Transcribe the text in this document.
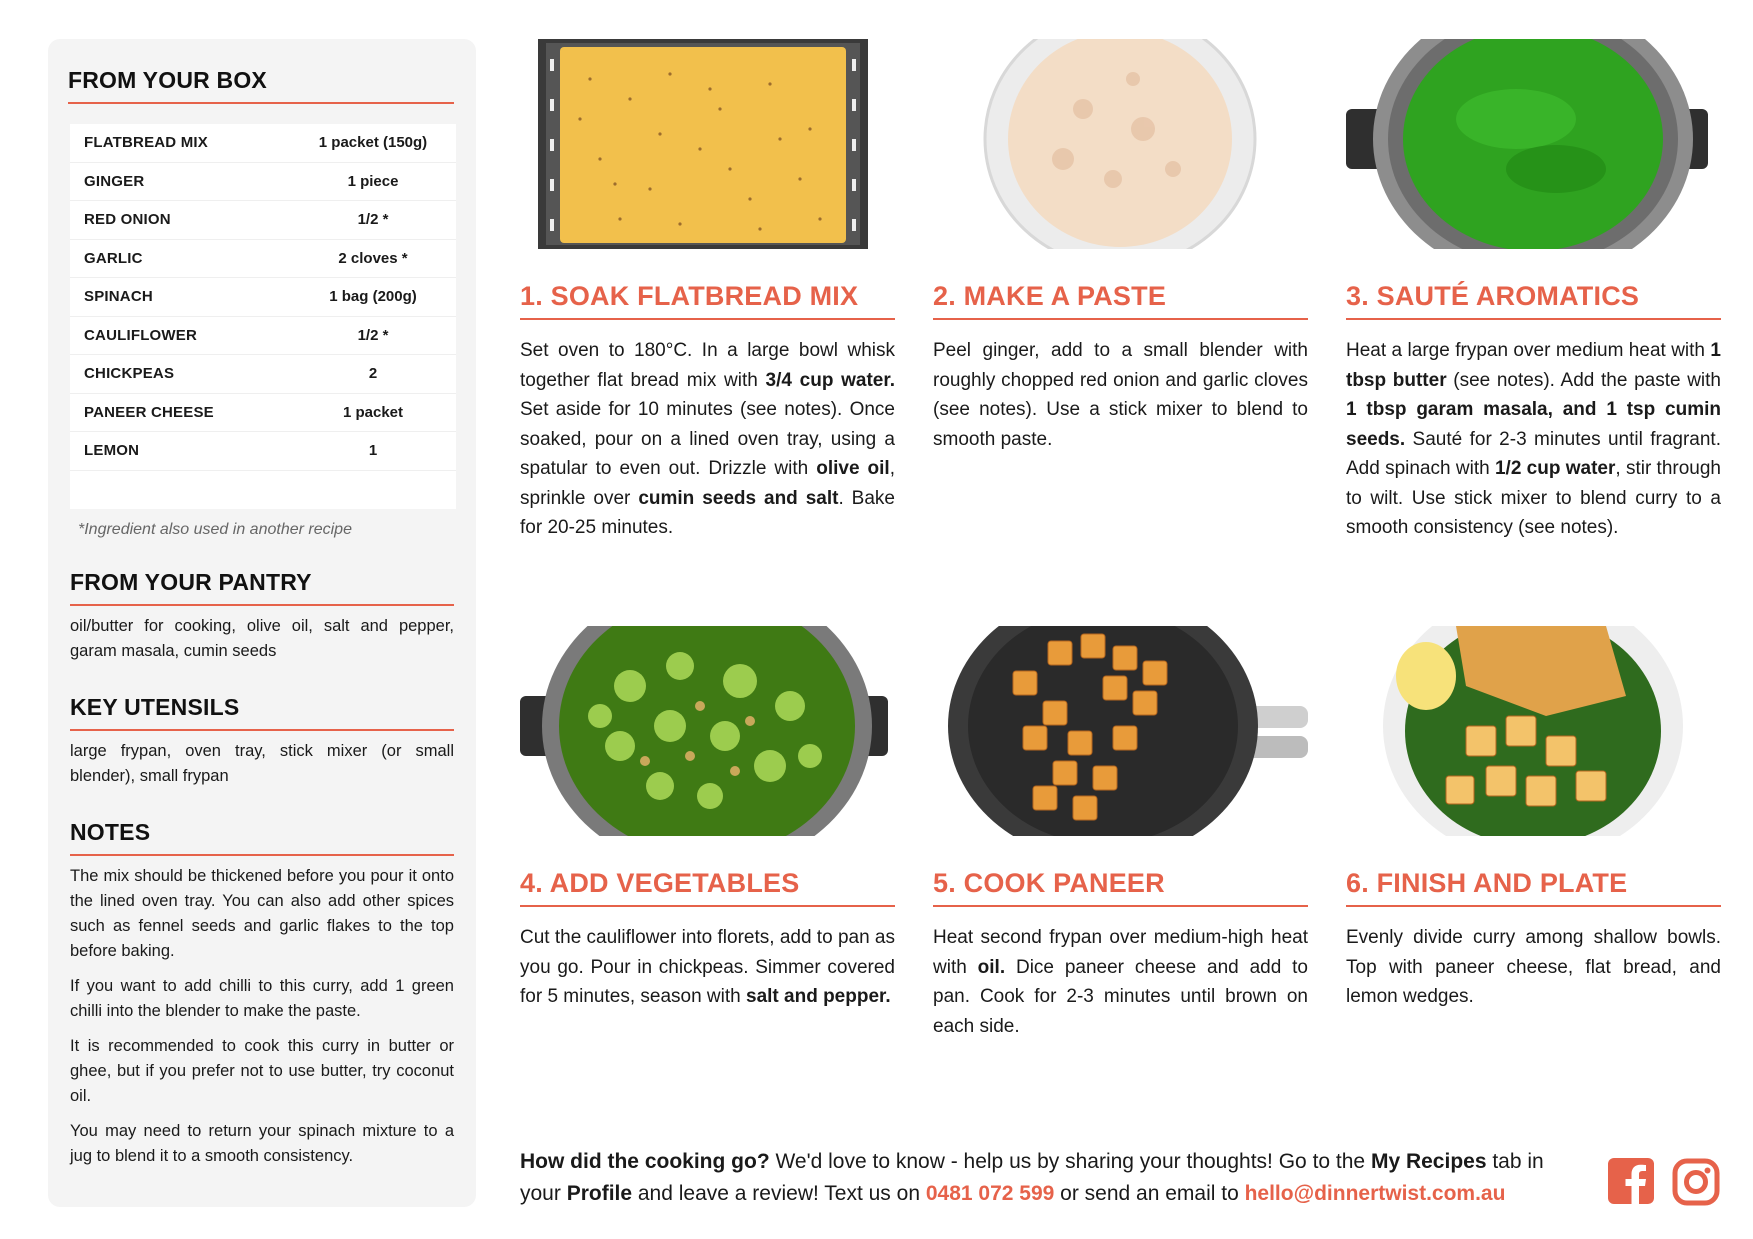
FROM YOUR BOX
FLATBREAD MIX	1 packet (150g)
GINGER	1 piece
RED ONION	1/2 *
GARLIC	2 cloves *
SPINACH	1 bag (200g)
CAULIFLOWER	1/2 *
CHICKPEAS	2
PANEER CHEESE	1 packet
LEMON	1
*Ingredient also used in another recipe
FROM YOUR PANTRY
oil/butter for cooking, olive oil, salt and pepper, garam masala, cumin seeds
KEY UTENSILS
large frypan, oven tray, stick mixer (or small blender), small frypan
NOTES

The mix should be thickened before you pour it onto the lined oven tray. You can also add other spices such as fennel seeds and garlic flakes to the top before baking.

If you want to add chilli to this curry, add 1 green chilli into the blender to make the paste.

It is recommended to cook this curry in butter or ghee, but if you prefer not to use butter, try coconut oil.

You may need to return your spinach mixture to a jug to blend it to a smooth consistency.

1. SOAK FLATBREAD MIX

Set oven to 180°C. In a large bowl whisk together flat bread mix with 3/4 cup water. Set aside for 10 minutes (see notes). Once soaked, pour on a lined oven tray, using a spatular to even out. Drizzle with olive oil, sprinkle over cumin seeds and salt. Bake for 20-25 minutes.

2. MAKE A PASTE

Peel ginger, add to a small blender with roughly chopped red onion and garlic cloves (see notes). Use a stick mixer to blend to smooth paste.

3. SAUTÉ AROMATICS

Heat a large frypan over medium heat with 1 tbsp butter (see notes). Add the paste with 1 tbsp garam masala, and 1 tsp cumin seeds. Sauté for 2-3 minutes until fragrant. Add spinach with 1/2 cup water, stir through to wilt. Use stick mixer to blend curry to a smooth consistency (see notes).

4. ADD VEGETABLES

Cut the cauliflower into florets, add to pan as you go. Pour in chickpeas. Simmer covered for 5 minutes, season with salt and pepper.

5. COOK PANEER

Heat second frypan over medium-high heat with oil. Dice paneer cheese and add to pan. Cook for 2-3 minutes until brown on each side.

6. FINISH AND PLATE

Evenly divide curry among shallow bowls. Top with paneer cheese, flat bread, and lemon wedges.

How did the cooking go? We'd love to know - help us by sharing your thoughts! Go to the My Recipes tab in your Profile and leave a review! Text us on 0481 072 599 or send an email to hello@dinnertwist.com.au
